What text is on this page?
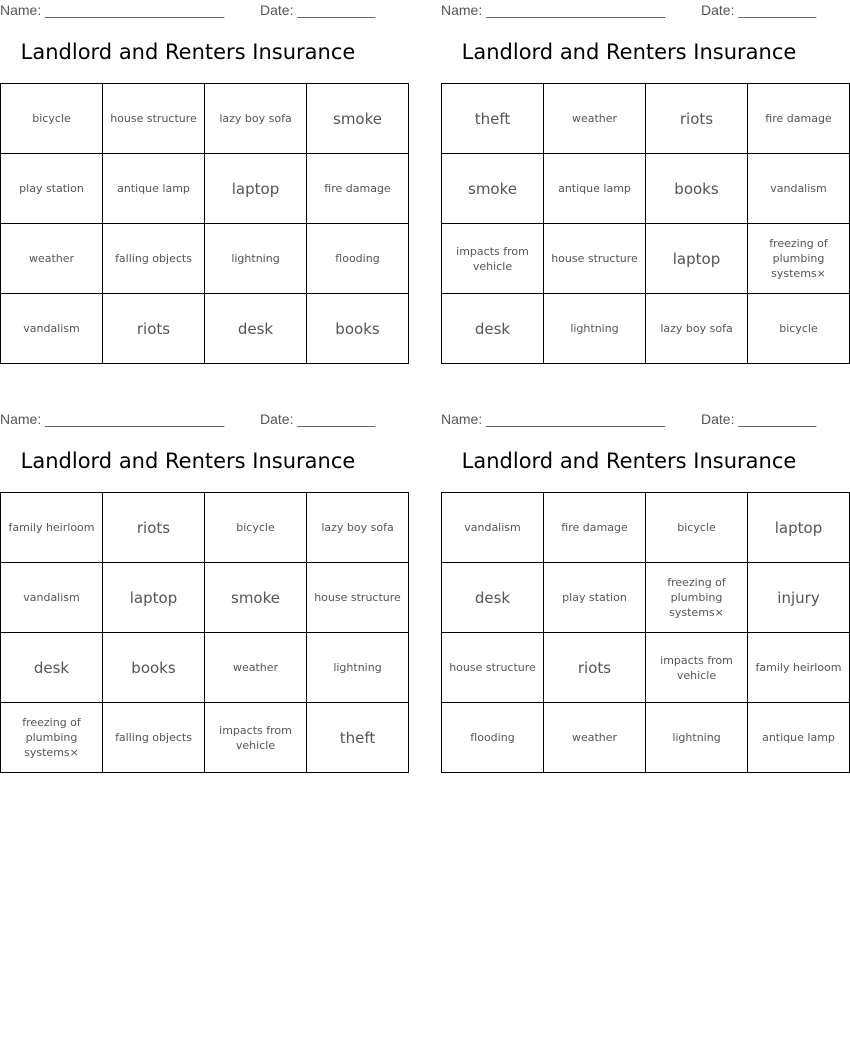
Name: _______________________	Date: __________
Landlord and Renters Insurance
bicycle	house structure	lazy boy sofa	smoke
play station	antique lamp	laptop	fire damage
weather	falling objects	lightning	flooding
vandalism	riots	desk	books
Name: _______________________	Date: __________
Landlord and Renters Insurance
theft	weather	riots	fire damage
smoke	antique lamp	books	vandalism
impacts from vehicle	house structure	laptop	freezing of plumbing systems×
desk	lightning	lazy boy sofa	bicycle
Name: _______________________	Date: __________
Landlord and Renters Insurance
family heirloom	riots	bicycle	lazy boy sofa
vandalism	laptop	smoke	house structure
desk	books	weather	lightning
freezing of plumbing systems×	falling objects	impacts from vehicle	theft
Name: _______________________	Date: __________
Landlord and Renters Insurance
vandalism	fire damage	bicycle	laptop
desk	play station	freezing of plumbing systems×	injury
house structure	riots	impacts from vehicle	family heirloom
flooding	weather	lightning	antique lamp
